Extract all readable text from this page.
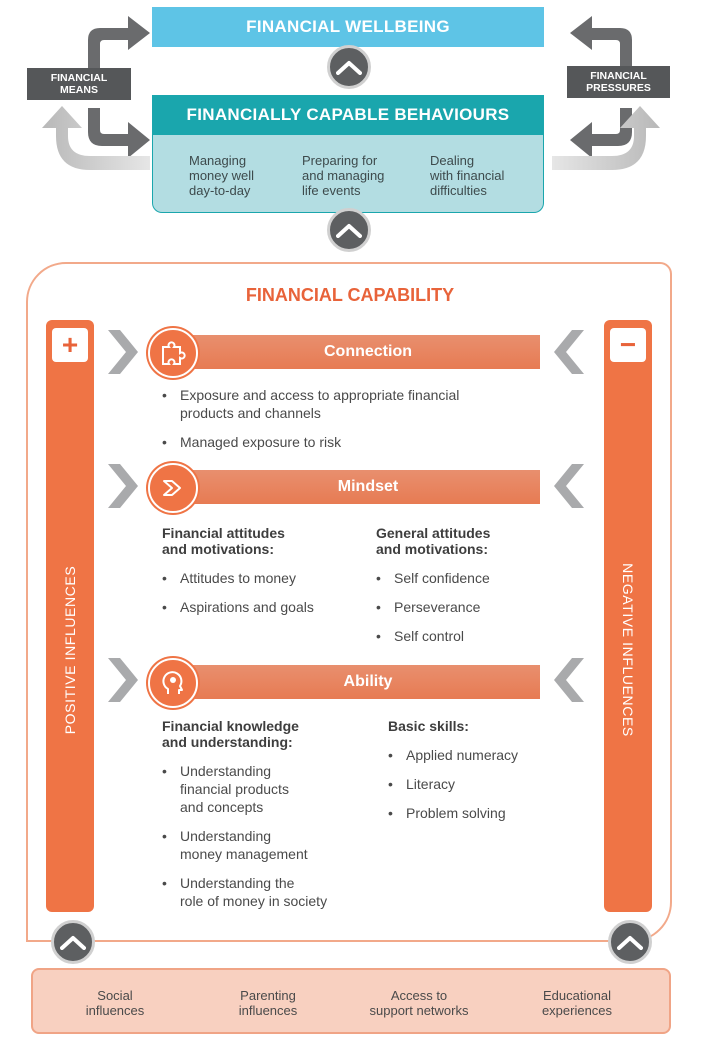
FINANCIAL WELLBEING
FINANCIAL
MEANS
FINANCIAL
PRESSURES
FINANCIALLY CAPABLE BEHAVIOURS
Managing
money well
day-to-day
Preparing for
and managing
life events
Dealing
with financial
difficulties
FINANCIAL CAPABILITY
+
POSITIVE INFLUENCES
−
NEGATIVE INFLUENCES
Connection
• Exposure and access to appropriate financial
products and channels
• Managed exposure to risk
Mindset
Financial attitudes
and motivations:
• Attitudes to money
• Aspirations and goals
General attitudes
and motivations:
• Self confidence
• Perseverance
• Self control
Ability
Financial knowledge
and understanding:
• Understanding
financial products
and concepts
• Understanding
money management
• Understanding the
role of money in society
Basic skills:
• Applied numeracy
• Literacy
• Problem solving
Social
influences
Parenting
influences
Access to
support networks
Educational
experiences
